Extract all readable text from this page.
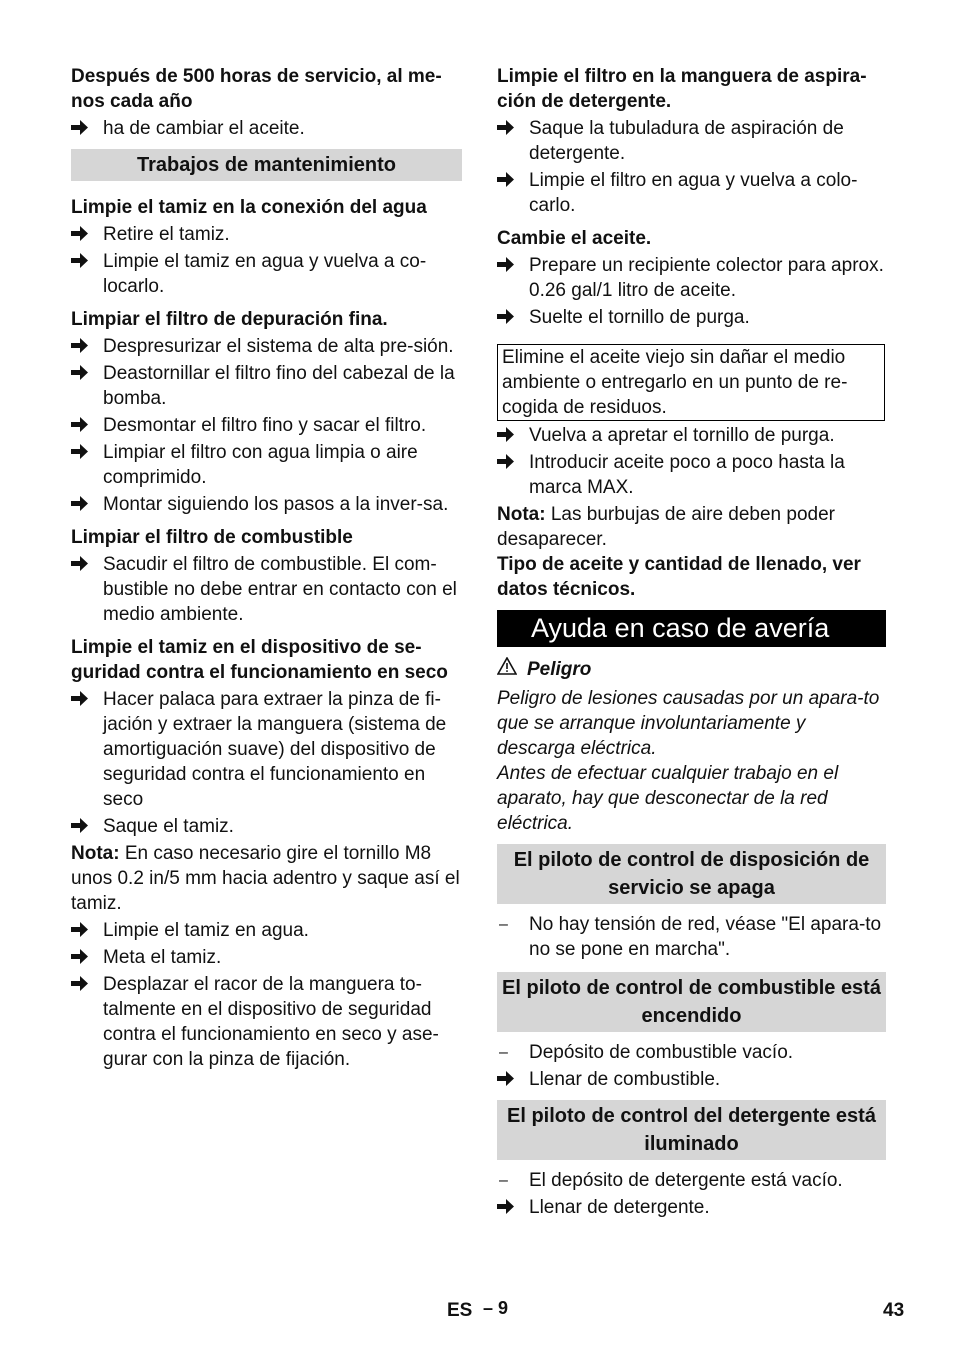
Después de 500 horas de servicio, al me-
nos cada año
ha de cambiar el aceite.
Trabajos de mantenimiento
Limpie el tamiz en la conexión del agua
Retire el tamiz.
Limpie el tamiz en agua y vuelva a co-locarlo.
Limpiar el filtro de depuración fina.
Despresurizar el sistema de alta pre-sión.
Deastornillar el filtro fino del cabezal de la bomba.
Desmontar el filtro fino y sacar el filtro.
Limpiar el filtro con agua limpia o aire comprimido.
Montar siguiendo los pasos a la inver-sa.
Limpiar el filtro de combustible
Sacudir el filtro de combustible. El com-bustible no debe entrar en contacto con el medio ambiente.
Limpie el tamiz en el dispositivo de se-guridad contra el funcionamiento en seco
Hacer palaca para extraer la pinza de fi-jación y extraer la manguera (sistema de amortiguación suave) del dispositivo de seguridad contra el funcionamiento en seco
Saque el tamiz.
Nota: En caso necesario gire el tornillo M8 unos 0.2 in/5 mm hacia adentro y saque así el tamiz.
Limpie el tamiz en agua.
Meta el tamiz.
Desplazar el racor de la manguera to-talmente en el dispositivo de seguridad contra el funcionamiento en seco y ase-gurar con la pinza de fijación.
Limpie el filtro en la manguera de aspira-ción de detergente.
Saque la tubuladura de aspiración de detergente.
Limpie el filtro en agua y vuelva a colo-carlo.
Cambie el aceite.
Prepare un recipiente colector para aprox. 0.26 gal/1 litro de aceite.
Suelte el tornillo de purga.
Elimine el aceite viejo sin dañar el medio ambiente o entregarlo en un punto de re-cogida de residuos.
Vuelva a apretar el tornillo de purga.
Introducir aceite poco a poco hasta la marca MAX.
Nota: Las burbujas de aire deben poder desaparecer.
Tipo de aceite y cantidad de llenado, ver datos técnicos.
Ayuda en caso de avería
Peligro
Peligro de lesiones causadas por un apara-to que se arranque involuntariamente y descarga eléctrica.
Antes de efectuar cualquier trabajo en el aparato, hay que desconectar de la red eléctrica.
El piloto de control de disposición de servicio se apaga
– No hay tensión de red, véase "El apara-to no se pone en marcha".
El piloto de control de combustible está encendido
– Depósito de combustible vacío.
Llenar de combustible.
El piloto de control del detergente está iluminado
– El depósito de detergente está vacío.
Llenar de detergente.
ES – 9	43
